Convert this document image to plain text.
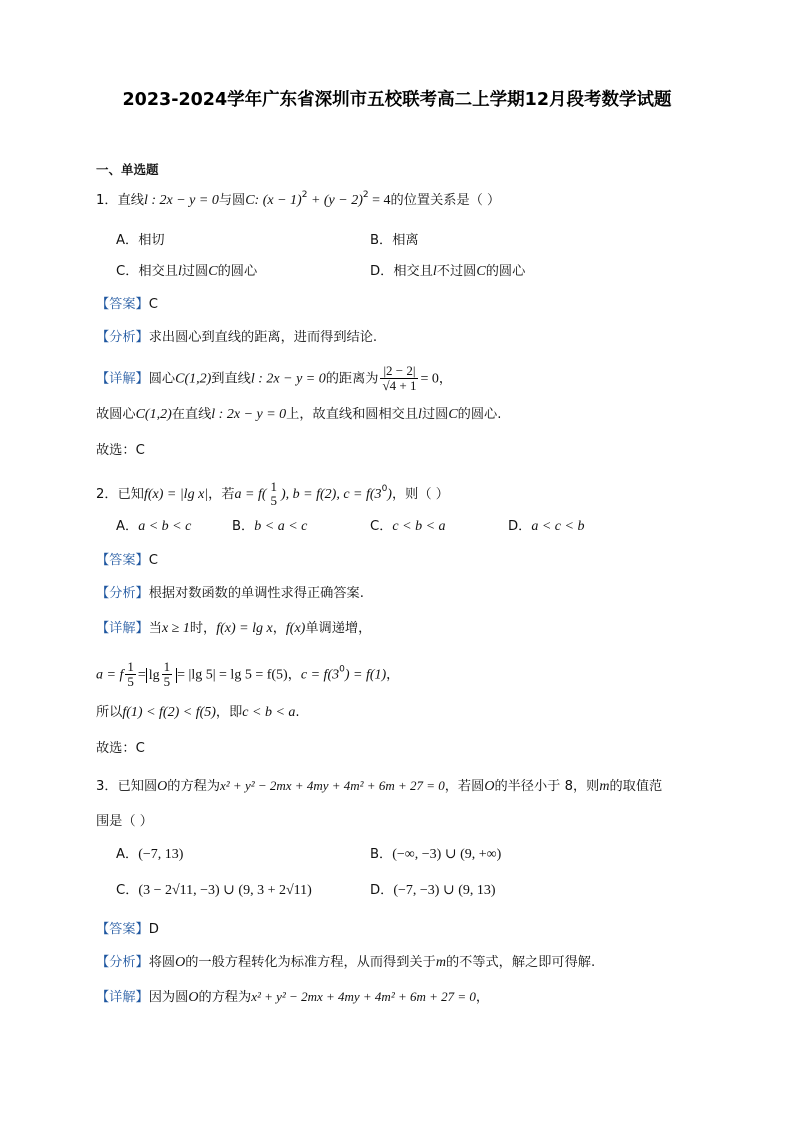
2023-2024学年广东省深圳市五校联考高二上学期12月段考数学试题
一、单选题
1．直线l : 2x − y = 0与圆C: $(x - 1)^2 + (y - 2)^2 = 4$的位置关系是（ ）
A．相切	B．相离
C．相交且l过圆C的圆心	D．相交且l不过圆C的圆心
【答案】C
【分析】求出圆心到直线的距离，进而得到结论.
【详解】圆心C(1,2)到直线l : 2x − y = 0的距离为 $\frac{|2 - 2|}{√4 + 1} = 0$，
故圆心C(1,2)在直线l : 2x − y = 0上，故直线和圆相交且l过圆C的圆心.
故选：C
2．已知f(x) = |lg x|，若a = f(
1
5 ), b = f(2), $c = f(3^0)$，则（ ）
A．a < b < c	B．b < a < c	C．c < b < a	D．a < c < b
【答案】C
【分析】根据对数函数的单调性求得正确答案.
【详解】当x ≥ 1时，f(x) = lg x，f(x)单调递增，
a = f $\frac{1}{5} = \lg \frac{1}{5} = |\lg$ 5| = lg 5 = f(5)，$c = f(3^0) = f(1)$，
所以f(1) < f(2) < f(5)，即c < b < a.
故选：C
3．已知圆O的方程为x² + y² − 2mx + 4my + 4m² + 6m + 27 = 0，若圆O的半径小于 8，则m的取值范
围是（ ）
A．(−7, 13)	B．(−∞, −3) ∪ (9, +∞)
C．(3 − 2√11, −3) ∪ (9, 3 + 2√11)	D．(−7, −3) ∪ (9, 13)
【答案】D
【分析】将圆O的一般方程转化为标准方程，从而得到关于m的不等式，解之即可得解.
【详解】因为圆O的方程为x² + y² − 2mx + 4my + 4m² + 6m + 27 = 0，
